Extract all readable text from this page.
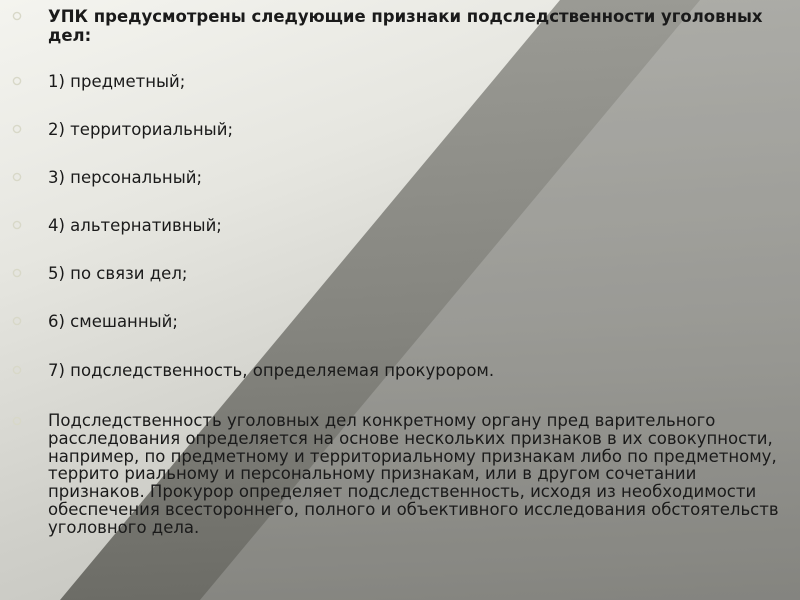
УПК предусмотрены следующие признаки подследственности уголовных дел:
1) предметный;
2) территориальный;
3) персональный;
4) альтернативный;
5) по связи дел;
6) смешанный;
7) подследственность, определяемая прокурором.
Подследственность уголовных дел конкретному органу пред варительного расследования определяется на основе нескольких признаков в их совокупности, например, по предметному и территориальному признакам либо по предметному, террито риальному и персональному признакам, или в другом сочетании признаков. Прокурор определяет подследственность, исходя из необходимости обеспечения всестороннего, полного и объективного исследования обстоятельств уголовного дела.
